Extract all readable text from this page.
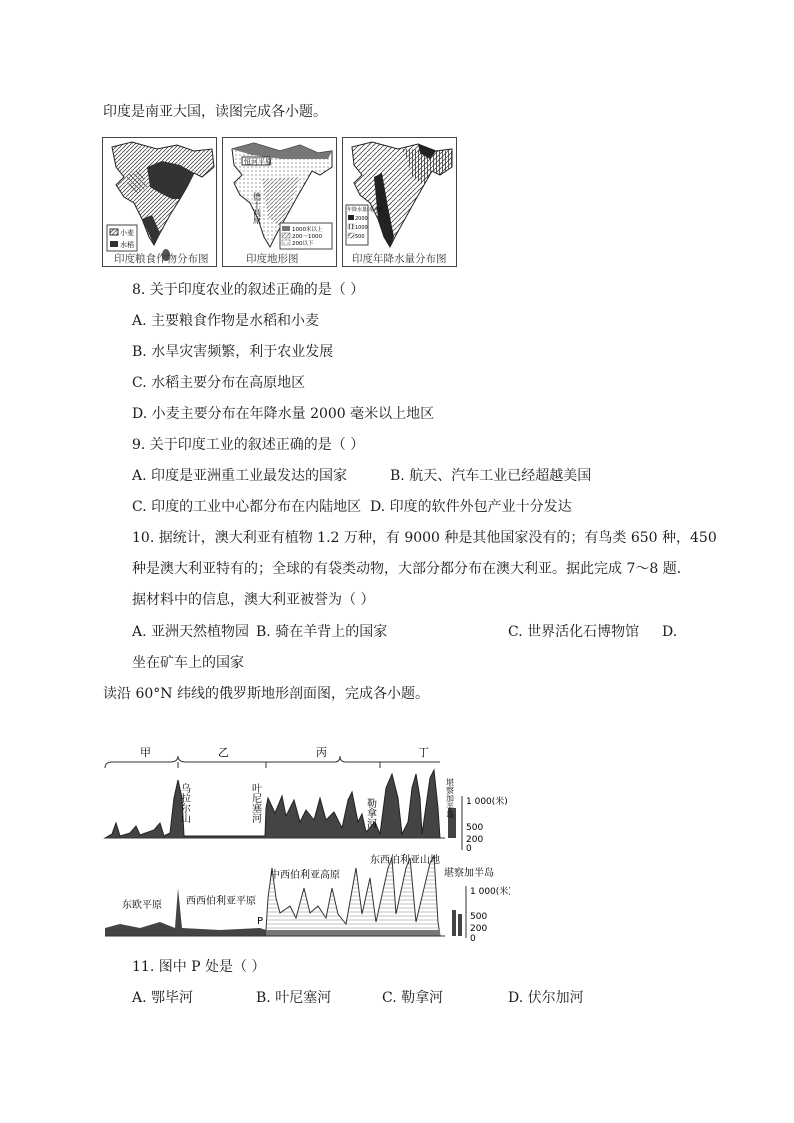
印度是南亚大国，读图完成各小题。
小麦
水稻
印度粮食作物分布图
恒河平原
德干高原
1000米以上
200～1000
200以下
印度地形图
年降水量(毫米)
2000
1000
500
印度年降水量分布图
8. 关于印度农业的叙述正确的是（ ）
A. 主要粮食作物是水稻和小麦
B. 水旱灾害频繁，利于农业发展
C. 水稻主要分布在高原地区
D. 小麦主要分布在年降水量 2000 毫米以上地区
9. 关于印度工业的叙述正确的是（ ）
A. 印度是亚洲重工业最发达的国家	B. 航天、汽车工业已经超越美国
C. 印度的工业中心都分布在内陆地区 D. 印度的软件外包产业十分发达
10. 据统计，澳大利亚有植物 1.2 万种，有 9000 种是其他国家没有的；有鸟类 650 种，450
种是澳大利亚特有的；全球的有袋类动物，大部分都分布在澳大利亚。据此完成 7～8 题．
据材料中的信息，澳大利亚被誉为（ ）
A. 亚洲天然植物园 B. 骑在羊背上的国家	C. 世界活化石博物馆 D.
坐在矿车上的国家
读沿 60°N 纬线的俄罗斯地形剖面图，完成各小题。
甲	乙	丙	丁
乌拉尔山	叶尼塞河	勒拿河	堪察加半岛
东西伯利亚山地
1 000(米)
500
200
0
东欧平原 西西伯利亚平原
中西伯利亚高原	堪察加半岛
P
1 000(米)
500
200
0
11. 图中 P 处是（ ）
A. 鄂毕河	B. 叶尼塞河	C. 勒拿河	D. 伏尔加河
